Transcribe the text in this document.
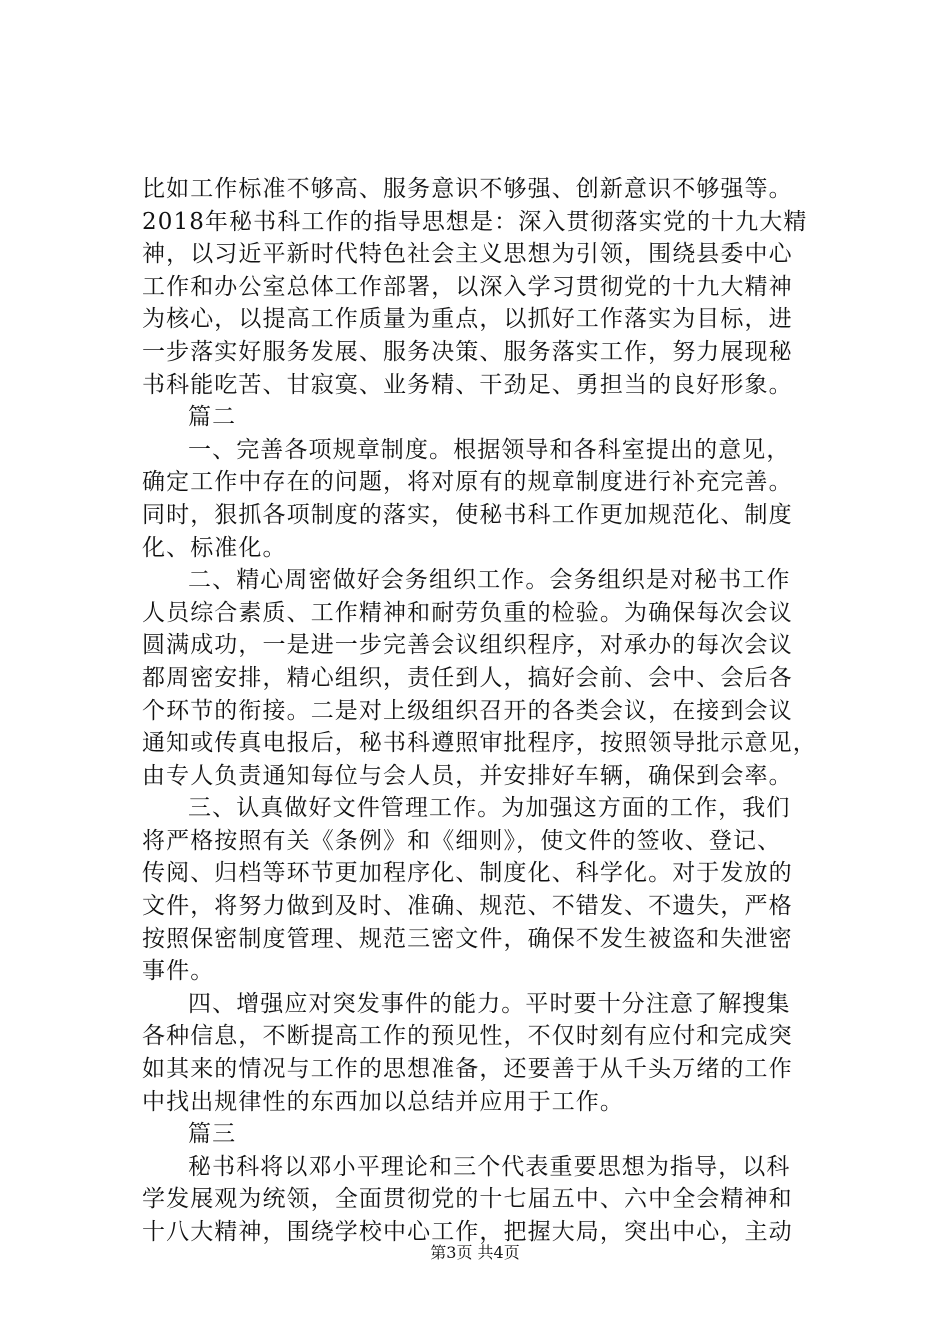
比如工作标准不够高、服务意识不够强、创新意识不够强等。
2018年秘书科工作的指导思想是：深入贯彻落实党的十九大精
神，以习近平新时代特色社会主义思想为引领，围绕县委中心
工作和办公室总体工作部署，以深入学习贯彻党的十九大精神
为核心，以提高工作质量为重点，以抓好工作落实为目标，进
一步落实好服务发展、服务决策、服务落实工作，努力展现秘
书科能吃苦、甘寂寞、业务精、干劲足、勇担当的良好形象。
篇二
一、完善各项规章制度。根据领导和各科室提出的意见，
确定工作中存在的问题，将对原有的规章制度进行补充完善。
同时，狠抓各项制度的落实，使秘书科工作更加规范化、制度
化、标准化。
二、精心周密做好会务组织工作。会务组织是对秘书工作
人员综合素质、工作精神和耐劳负重的检验。为确保每次会议
圆满成功，一是进一步完善会议组织程序，对承办的每次会议
都周密安排，精心组织，责任到人，搞好会前、会中、会后各
个环节的衔接。二是对上级组织召开的各类会议，在接到会议
通知或传真电报后，秘书科遵照审批程序，按照领导批示意见，
由专人负责通知每位与会人员，并安排好车辆，确保到会率。
三、认真做好文件管理工作。为加强这方面的工作，我们
将严格按照有关《条例》和《细则》，使文件的签收、登记、
传阅、归档等环节更加程序化、制度化、科学化。对于发放的
文件，将努力做到及时、准确、规范、不错发、不遗失，严格
按照保密制度管理、规范三密文件，确保不发生被盗和失泄密
事件。
四、增强应对突发事件的能力。平时要十分注意了解搜集
各种信息，不断提高工作的预见性，不仅时刻有应付和完成突
如其来的情况与工作的思想准备，还要善于从千头万绪的工作
中找出规律性的东西加以总结并应用于工作。
篇三
秘书科将以邓小平理论和三个代表重要思想为指导，以科
学发展观为统领，全面贯彻党的十七届五中、六中全会精神和
十八大精神，围绕学校中心工作，把握大局，突出中心，主动
第3页 共4页
